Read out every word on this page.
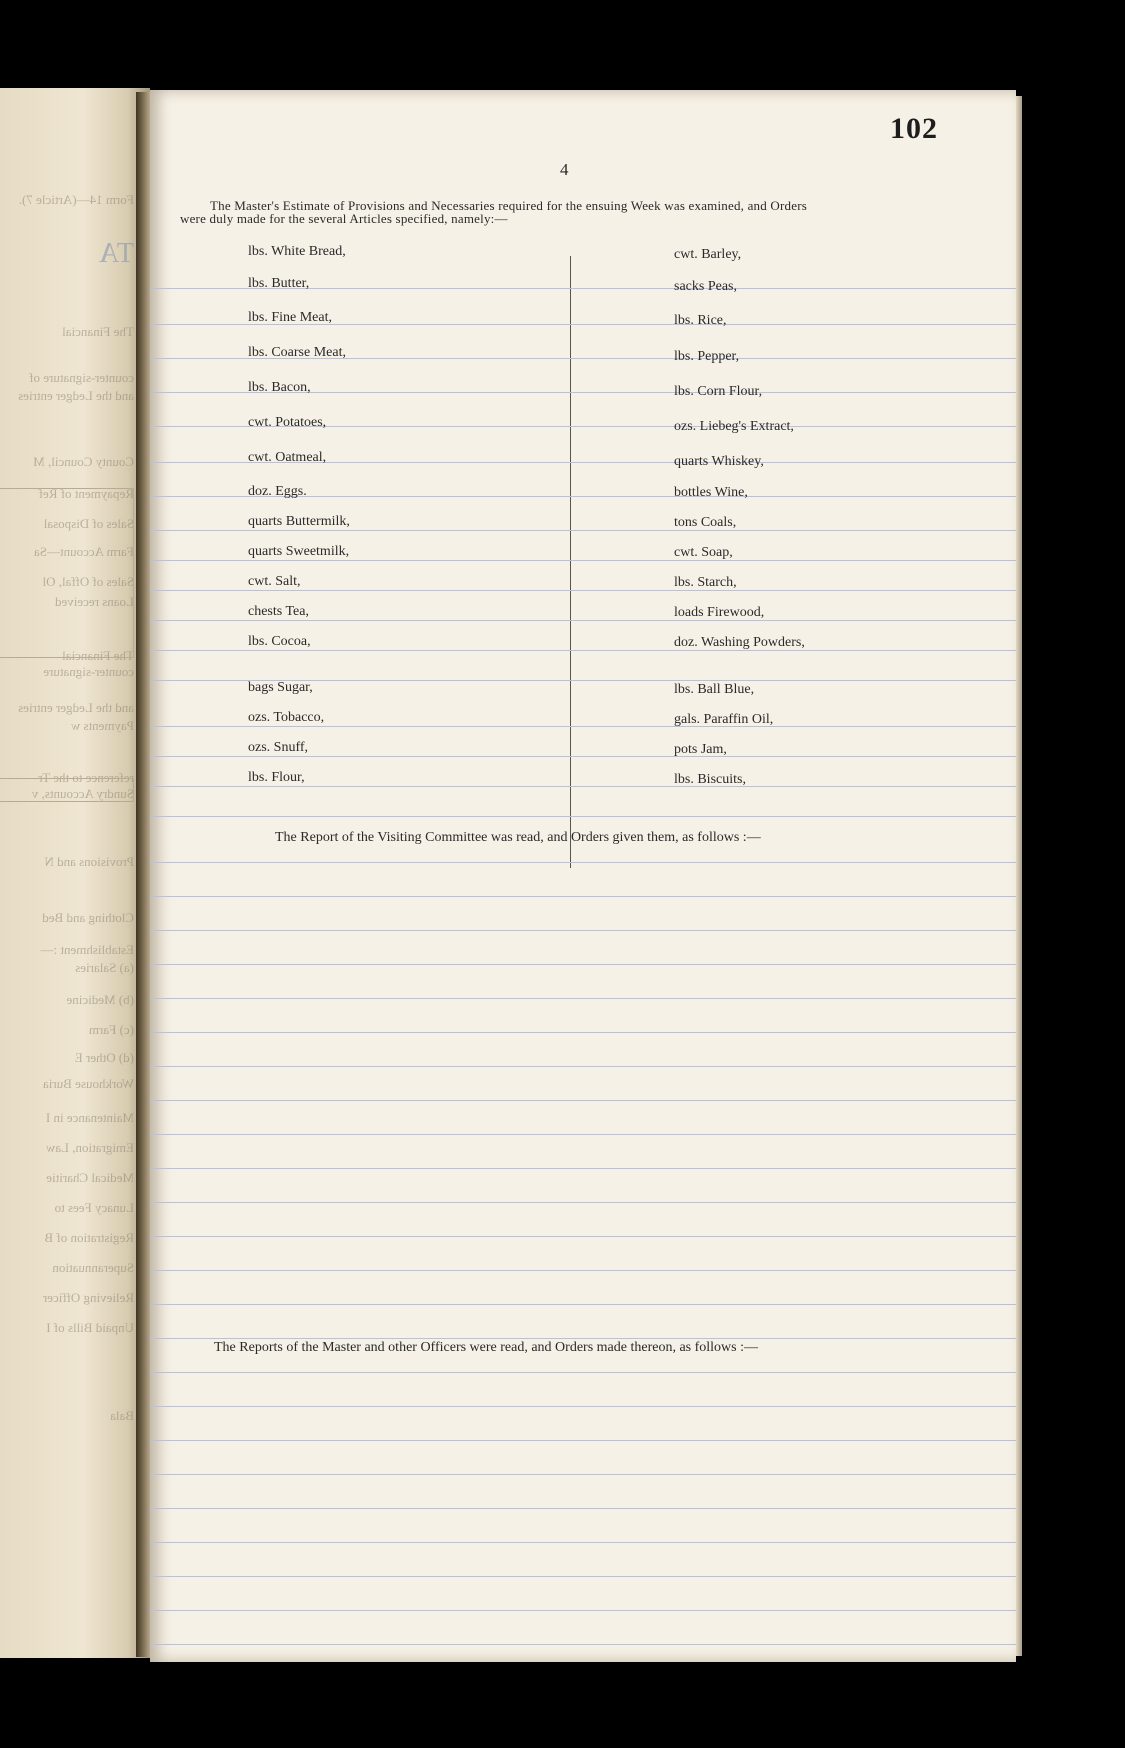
Form 14—(Article 7).
TA
The Financial
counter-signature of
and the Ledger entries
County Council, M
Repayment of Ref
Sales of Disposal
Farm Account—Sa
Sales of Offal, Ol
Loans received
The Financial
counter-signature
and the Ledger entries
Payments w
reference to the Tr
Sundry Accounts, v
Provisions and N
Clothing and Bed
Establishment :—
(a) Salaries
(b) Medicine
(c) Farm
(d) Other E
Workhouse Buria
Maintenance in I
Emigration, Law
Medical Charitie
Lunacy Fees to
Registration of B
Superannuation
Relieving Officer
Unpaid Bills of I
Bala
102
4
The Master's Estimate of Provisions and Necessaries required for the ensuing Week was examined, and Orders
were duly made for the several Articles specified, namely:—
lbs. White Bread,
lbs. Butter,
lbs. Fine Meat,
lbs. Coarse Meat,
lbs. Bacon,
cwt. Potatoes,
cwt. Oatmeal,
doz. Eggs.
quarts Buttermilk,
quarts Sweetmilk,
cwt. Salt,
chests Tea,
lbs. Cocoa,
bags Sugar,
ozs. Tobacco,
ozs. Snuff,
lbs. Flour,
cwt. Barley,
sacks Peas,
lbs. Rice,
lbs. Pepper,
lbs. Corn Flour,
ozs. Liebeg's Extract,
quarts Whiskey,
bottles Wine,
tons Coals,
cwt. Soap,
lbs. Starch,
loads Firewood,
doz. Washing Powders,
lbs. Ball Blue,
gals. Paraffin Oil,
pots Jam,
lbs. Biscuits,
The Report of the Visiting Committee was read, and Orders given them, as follows :—
The Reports of the Master and other Officers were read, and Orders made thereon, as follows :—
